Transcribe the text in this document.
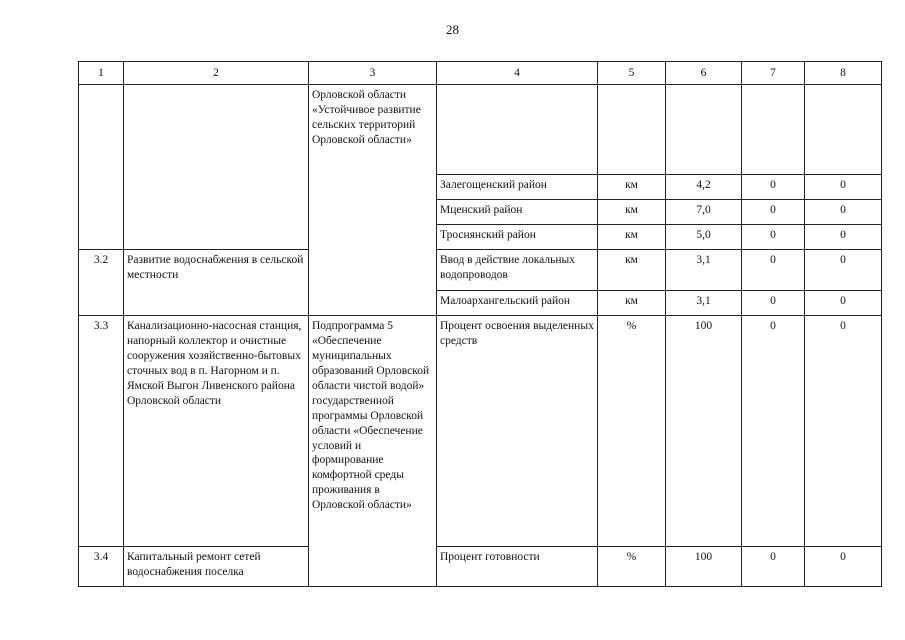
28
1	2	3	4	5	6	7	8
		Орловской области «Устойчивое развитие сельских территорий Орловской области»					
			Залегощенский район	км	4,2	0	0
			Мценский район	км	7,0	0	0
			Троснянский район	км	5,0	0	0
3.2	Развитие водоснабжения в сельской местности		Ввод в действие локальных водопроводов	км	3,1	0	0
			Малоархангельский район	км	3,1	0	0
3.3	Канализационно-насосная станция, напорный коллектор и очистные сооружения хозяйственно-бытовых сточных вод в п. Нагорном и п. Ямской Выгон Ливенского района Орловской области	Подпрограмма 5 «Обеспечение муниципальных образований Орловской области чистой водой» государственной программы Орловской области «Обеспечение условий и формирование комфортной среды проживания в Орловской области»	Процент освоения выделенных средств	%	100	0	0
3.4	Капитальный ремонт сетей водоснабжения поселка		Процент готовности	%	100	0	0
